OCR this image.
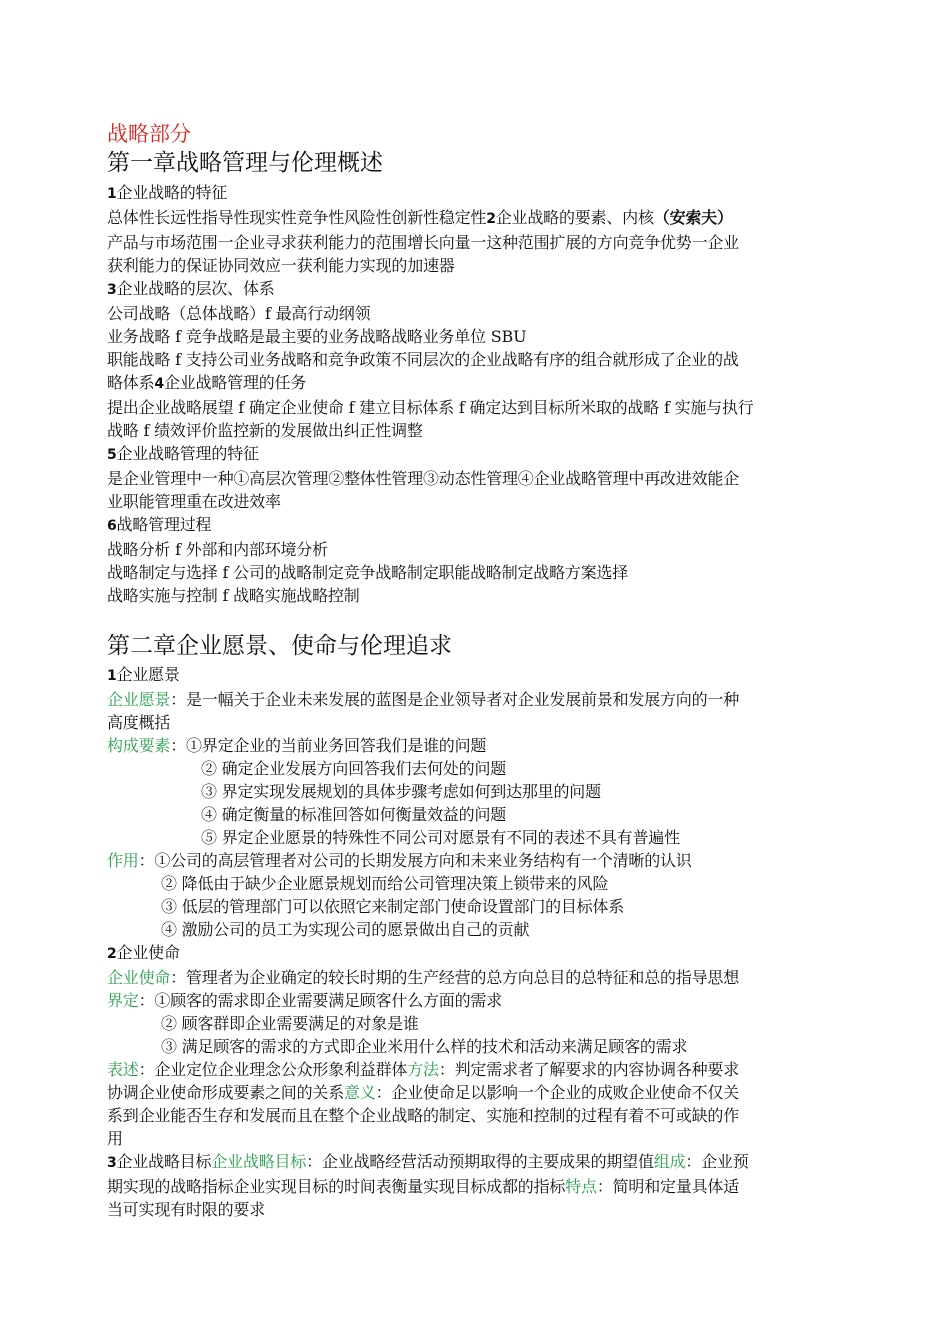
战略部分
第一章战略管理与伦理概述
1企业战略的特征
总体性长远性指导性现实性竞争性风险性创新性稳定性2企业战略的要素、内核（安索夫）
产品与市场范围一企业寻求获利能力的范围增长向量一这种范围扩展的方向竞争优势一企业
获利能力的保证协同效应一获利能力实现的加速器
3企业战略的层次、体系
公司战略（总体战略）f 最高行动纲领
业务战略 f 竞争战略是最主要的业务战略战略业务单位 SBU
职能战略 f 支持公司业务战略和竞争政策不同层次的企业战略有序的组合就形成了企业的战
略体系4企业战略管理的任务
提出企业战略展望 f 确定企业使命 f 建立目标体系 f 确定达到目标所米取的战略 f 实施与执行
战略 f 绩效评价监控新的发展做出纠正性调整
5企业战略管理的特征
是企业管理中一种①高层次管理②整体性管理③动态性管理④企业战略管理中再改进效能企
业职能管理重在改进效率
6战略管理过程
战略分析 f 外部和内部环境分析
战略制定与选择 f 公司的战略制定竞争战略制定职能战略制定战略方案选择
战略实施与控制 f 战略实施战略控制
第二章企业愿景、使命与伦理追求
1企业愿景
企业愿景：是一幅关于企业未来发展的蓝图是企业领导者对企业发展前景和发展方向的一种
高度概括
构成要素：①界定企业的当前业务回答我们是谁的问题
② 确定企业发展方向回答我们去何处的问题
③ 界定实现发展规划的具体步骤考虑如何到达那里的问题
④ 确定衡量的标准回答如何衡量效益的问题
⑤ 界定企业愿景的特殊性不同公司对愿景有不同的表述不具有普遍性
作用：①公司的高层管理者对公司的长期发展方向和未来业务结构有一个清晰的认识
② 降低由于缺少企业愿景规划而给公司管理决策上锁带来的风险
③ 低层的管理部门可以依照它来制定部门使命设置部门的目标体系
④ 激励公司的员工为实现公司的愿景做出自己的贡献
2企业使命
企业使命：管理者为企业确定的较长时期的生产经营的总方向总目的总特征和总的指导思想
界定：①顾客的需求即企业需要满足顾客什么方面的需求
② 顾客群即企业需要满足的对象是谁
③ 满足顾客的需求的方式即企业米用什么样的技术和活动来满足顾客的需求
表述：企业定位企业理念公众形象利益群体方法：判定需求者了解要求的内容协调各种要求
协调企业使命形成要素之间的关系意义：企业使命足以影响一个企业的成败企业使命不仅关
系到企业能否生存和发展而且在整个企业战略的制定、实施和控制的过程有着不可或缺的作
用
3企业战略目标企业战略目标：企业战略经营活动预期取得的主要成果的期望值组成：企业预
期实现的战略指标企业实现目标的时间表衡量实现目标成都的指标特点：简明和定量具体适
当可实现有时限的要求
